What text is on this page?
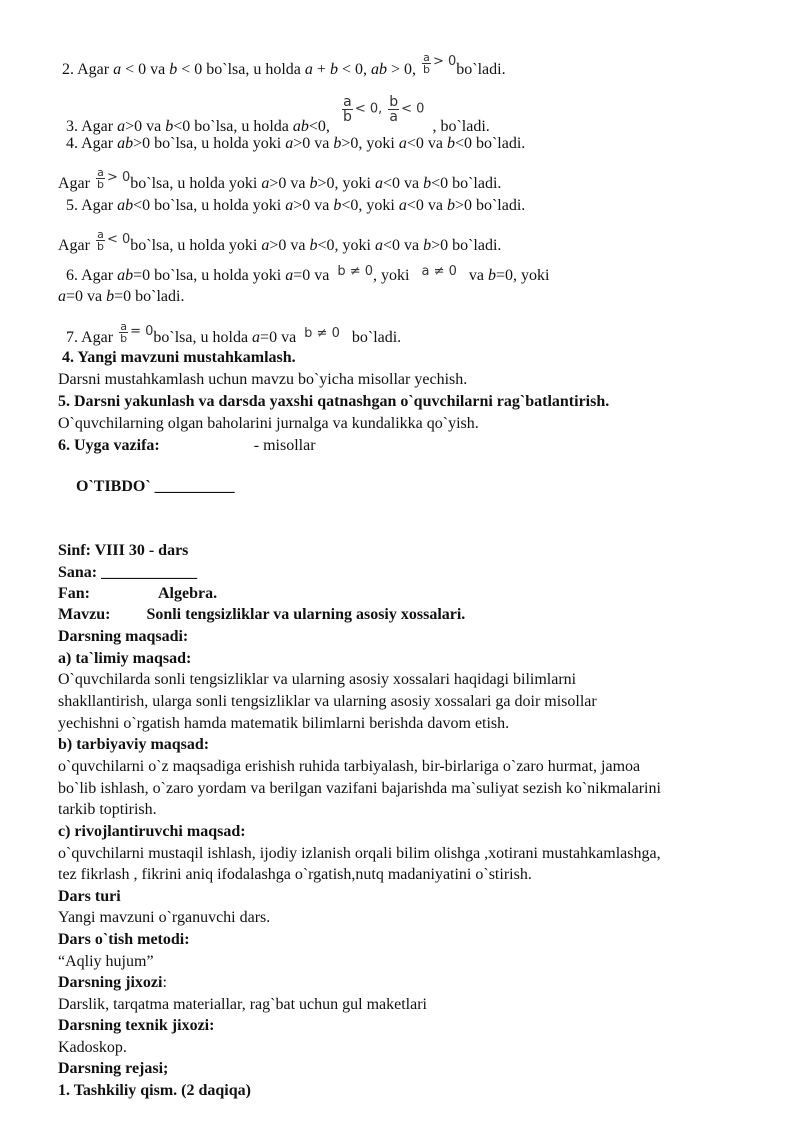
2. Agar a < 0 va b < 0 bo`lsa, u holda a + b < 0, ab > 0, $\frac{a}{b}$ $^{> 0}$bo`ladi.
3. Agar a>0 va b<0 bo`lsa, u holda ab<0,
$\frac{a}{b} < 0$, $\frac{b}{a} < 0$, bo`ladi.
4. Agar ab>0 bo`lsa, u holda yoki a>0 va b>0, yoki a<0 va b<0 bo`ladi.
Agar $\frac{a}{b}$ $^{> 0}$bo`lsa, u holda yoki a>0 va b>0, yoki a<0 va b<0 bo`ladi.
5. Agar ab<0 bo`lsa, u holda yoki a>0 va b<0, yoki a<0 va b>0 bo`ladi.
Agar $\frac{a}{b}$ $^{< 0}$bo`lsa, u holda yoki a>0 va b<0, yoki a<0 va b>0 bo`ladi.
6. Agar ab=0 bo`lsa, u holda yoki a=0 va $^{b \ne 0}$, yoki $^{a \ne 0}$ va b=0, yoki
a=0 va b=0 bo`ladi.
7. Agar $\frac{a}{b}$ $^{= 0}$bo`lsa, u holda a=0 va $^{b \ne 0}$ bo`ladi.
4. Yangi mavzuni mustahkamlash.
Darsni mustahkamlash uchun mavzu bo`yicha misollar yechish.
5. Darsni yakunlash va darsda yaxshi qatnashgan o`quvchilarni rag`batlantirish.
O`quvchilarning olgan baholarini jurnalga va kundalikka qo`yish.
6. Uyga vazifa:	- misollar
O`TIBDO` __________
Sinf: VIII 30 - dars
Sana: ____________
Fan:	Algebra.
Mavzu: Sonli tengsizliklar va ularning asosiy xossalari.
Darsning maqsadi:
a) ta`limiy maqsad:
O`quvchilarda sonli tengsizliklar va ularning asosiy xossalari haqidagi bilimlarni
shakllantirish, ularga sonli tengsizliklar va ularning asosiy xossalari ga doir misollar
yechishni o`rgatish hamda matematik bilimlarni berishda davom etish.
b) tarbiyaviy maqsad:
o`quvchilarni o`z maqsadiga erishish ruhida tarbiyalash, bir-birlariga o`zaro hurmat, jamoa
bo`lib ishlash, o`zaro yordam va berilgan vazifani bajarishda ma`suliyat sezish ko`nikmalarini
tarkib toptirish.
c) rivojlantiruvchi maqsad:
o`quvchilarni mustaqil ishlash, ijodiy izlanish orqali bilim olishga ,xotirani mustahkamlashga,
tez fikrlash , fikrini aniq ifodalashga o`rgatish,nutq madaniyatini o`stirish.
Dars turi
Yangi mavzuni o`rganuvchi dars.
Dars o`tish metodi:
“Aqliy hujum”
Darsning jixozi:
Darslik, tarqatma materiallar, rag`bat uchun gul maketlari
Darsning texnik jixozi:
Kadoskop.
Darsning rejasi;
1. Tashkiliy qism. (2 daqiqa)
